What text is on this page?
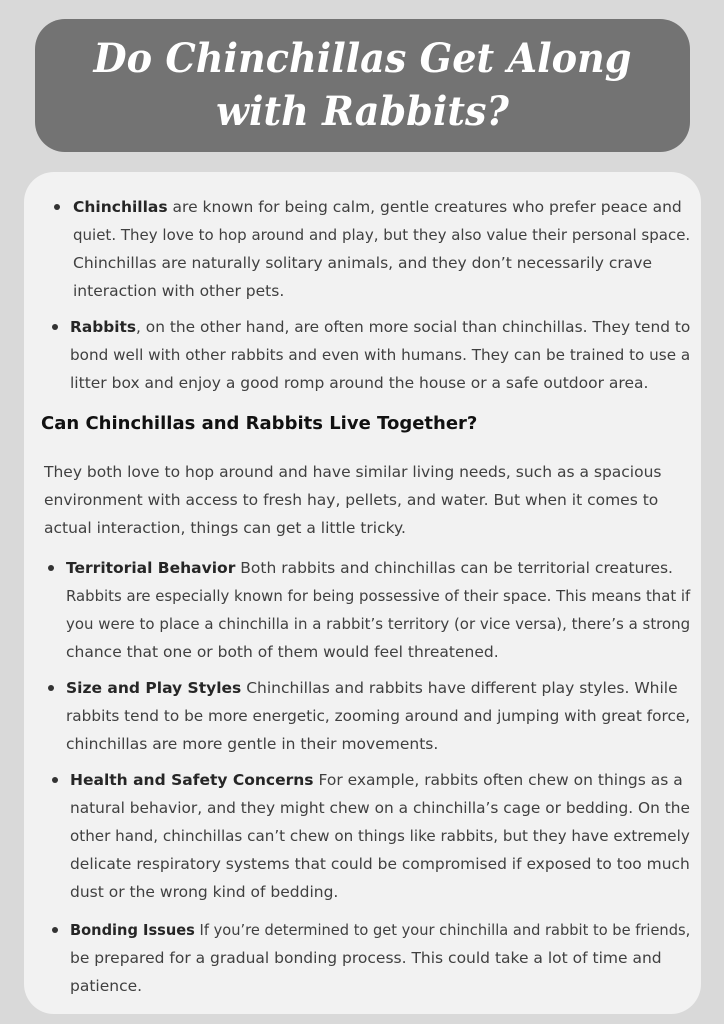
Do Chinchillas Get Along
with Rabbits?
Chinchillas are known for being calm, gentle creatures who prefer peace and
quiet. They love to hop around and play, but they also value their personal space.
Chinchillas are naturally solitary animals, and they don’t necessarily crave
interaction with other pets.
Rabbits, on the other hand, are often more social than chinchillas. They tend to
bond well with other rabbits and even with humans. They can be trained to use a
litter box and enjoy a good romp around the house or a safe outdoor area.
Can Chinchillas and Rabbits Live Together?
They both love to hop around and have similar living needs, such as a spacious
environment with access to fresh hay, pellets, and water. But when it comes to
actual interaction, things can get a little tricky.
Territorial Behavior Both rabbits and chinchillas can be territorial creatures.
Rabbits are especially known for being possessive of their space. This means that if
you were to place a chinchilla in a rabbit’s territory (or vice versa), there’s a strong
chance that one or both of them would feel threatened.
Size and Play Styles Chinchillas and rabbits have different play styles. While
rabbits tend to be more energetic, zooming around and jumping with great force,
chinchillas are more gentle in their movements.
Health and Safety Concerns For example, rabbits often chew on things as a
natural behavior, and they might chew on a chinchilla’s cage or bedding. On the
other hand, chinchillas can’t chew on things like rabbits, but they have extremely
delicate respiratory systems that could be compromised if exposed to too much
dust or the wrong kind of bedding.
Bonding Issues If you’re determined to get your chinchilla and rabbit to be friends,
be prepared for a gradual bonding process. This could take a lot of time and
patience.
